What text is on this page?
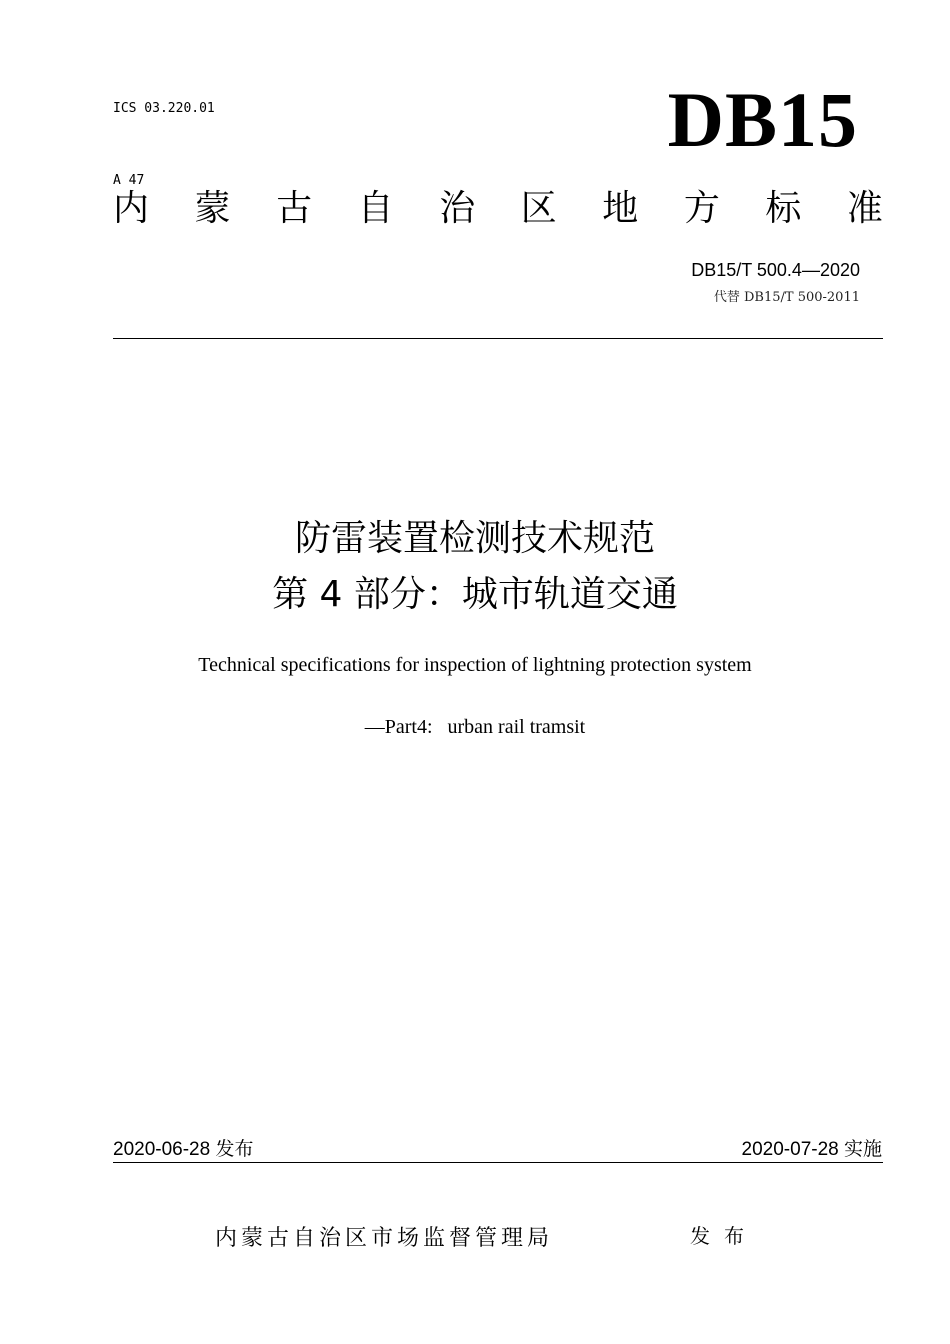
ICS 03.220.01

A 47

DB15
内 蒙 古 自 治 区 地 方 标 准
DB15/T 500.4—2020
代替 DB15/T 500-2011
防雷装置检测技术规范
第 4 部分：城市轨道交通
Technical specifications for inspection of lightning protection system
—Part4:   urban rail tramsit
2020-06-28 发布	2020-07-28 实施
内蒙古自治区市场监督管理局	发布
